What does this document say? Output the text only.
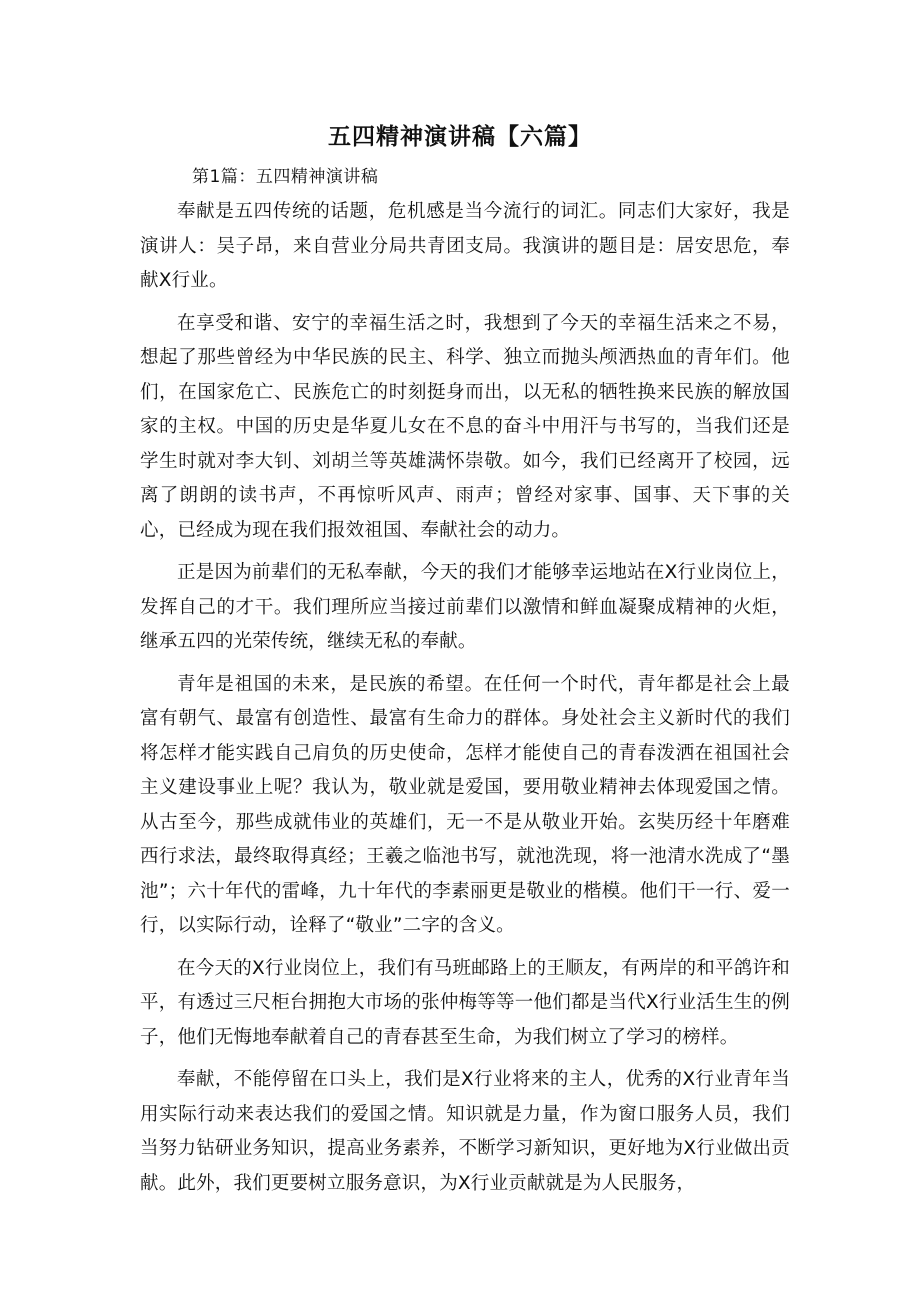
五四精神演讲稿【六篇】

第1篇：五四精神演讲稿

奉献是五四传统的话题，危机感是当今流行的词汇。同志们大家好，我是演讲人：吴子昂，来自营业分局共青团支局。我演讲的题目是：居安思危，奉献X行业。

在享受和谐、安宁的幸福生活之时，我想到了今天的幸福生活来之不易，想起了那些曾经为中华民族的民主、科学、独立而抛头颅洒热血的青年们。他们，在国家危亡、民族危亡的时刻挺身而出，以无私的牺牲换来民族的解放国家的主权。中国的历史是华夏儿女在不息的奋斗中用汗与书写的，当我们还是学生时就对李大钊、刘胡兰等英雄满怀崇敬。如今，我们已经离开了校园，远离了朗朗的读书声，不再惊听风声、雨声；曾经对家事、国事、天下事的关心，已经成为现在我们报效祖国、奉献社会的动力。

正是因为前辈们的无私奉献，今天的我们才能够幸运地站在X行业岗位上，发挥自己的才干。我们理所应当接过前辈们以激情和鲜血凝聚成精神的火炬，继承五四的光荣传统，继续无私的奉献。

青年是祖国的未来，是民族的希望。在任何一个时代，青年都是社会上最富有朝气、最富有创造性、最富有生命力的群体。身处社会主义新时代的我们将怎样才能实践自己肩负的历史使命，怎样才能使自己的青春泼洒在祖国社会主义建设事业上呢？我认为，敬业就是爱国，要用敬业精神去体现爱国之情。从古至今，那些成就伟业的英雄们，无一不是从敬业开始。玄奘历经十年磨难西行求法，最终取得真经；王羲之临池书写，就池洗现，将一池清水洗成了“墨池”；六十年代的雷峰，九十年代的李素丽更是敬业的楷模。他们干一行、爱一行，以实际行动，诠释了“敬业”二字的含义。

在今天的X行业岗位上，我们有马班邮路上的王顺友，有两岸的和平鸽许和平，有透过三尺柜台拥抱大市场的张仲梅等等一他们都是当代X行业活生生的例子，他们无悔地奉献着自己的青春甚至生命，为我们树立了学习的榜样。

奉献，不能停留在口头上，我们是X行业将来的主人，优秀的X行业青年当用实际行动来表达我们的爱国之情。知识就是力量，作为窗口服务人员，我们当努力钻研业务知识，提高业务素养，不断学习新知识，更好地为X行业做出贡献。此外，我们更要树立服务意识，为X行业贡献就是为人民服务，
